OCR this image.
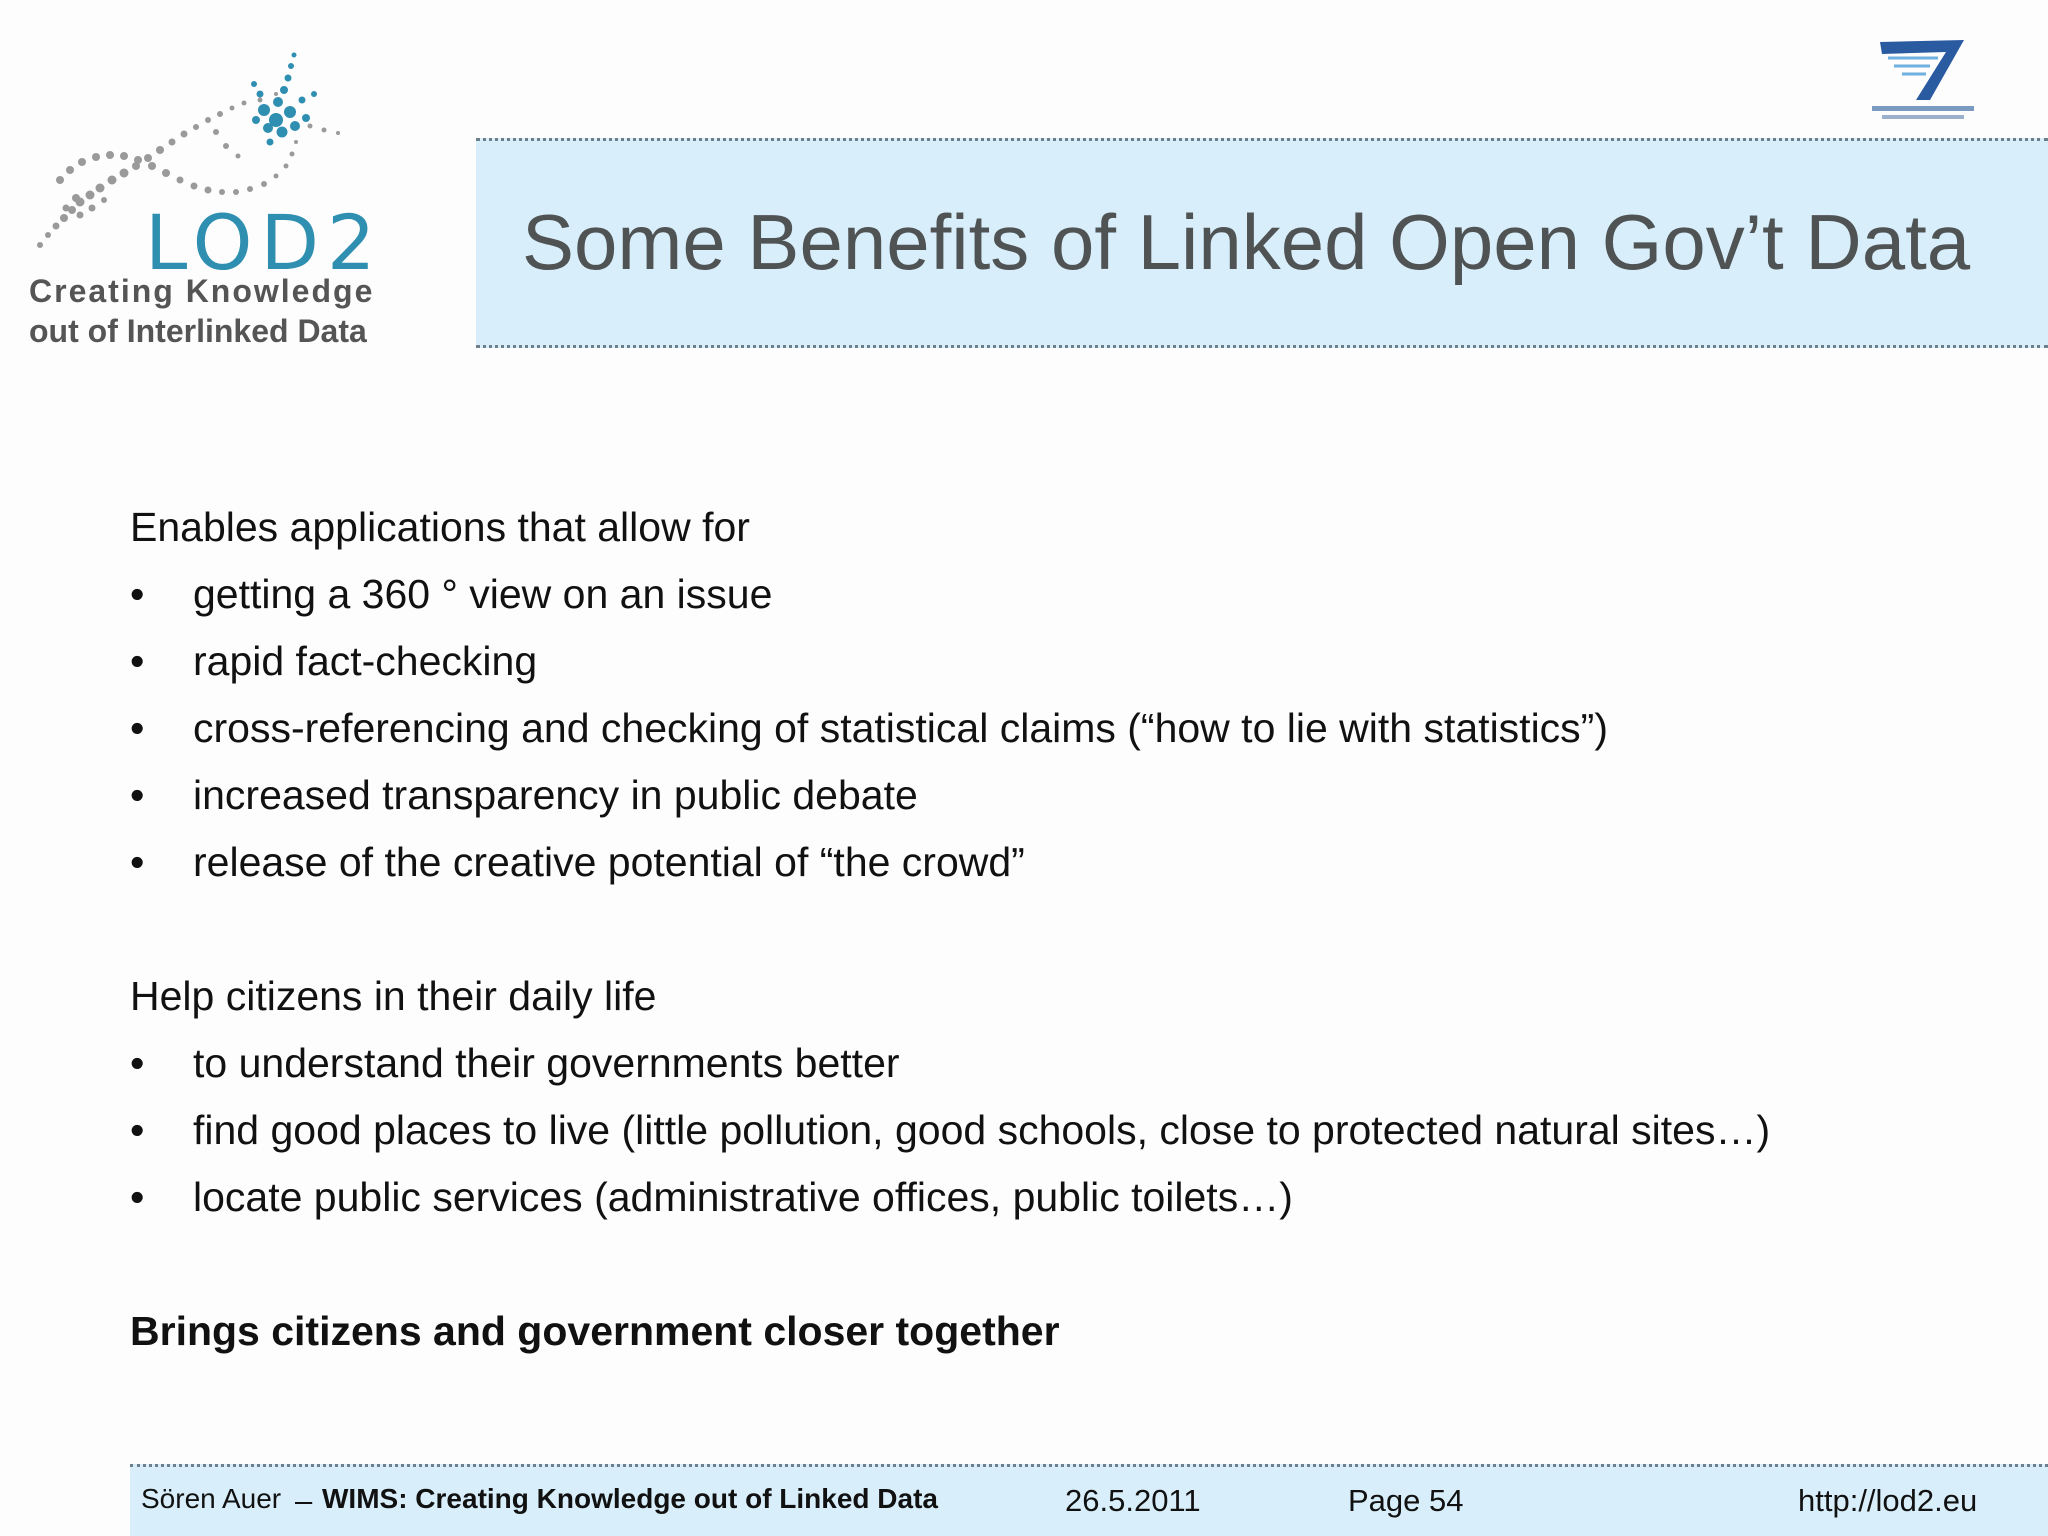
LOD2
Creating Knowledge
out of Interlinked Data
Some Benefits of Linked Open Gov’t Data
Enables applications that allow for
• getting a 360 ° view on an issue
• rapid fact-checking
• cross-referencing and checking of statistical claims (“how to lie with statistics”)
• increased transparency in public debate
• release of the creative potential of “the crowd”
Help citizens in their daily life
• to understand their governments better
• find good places to live (little pollution, good schools, close to protected natural sites…)
• locate public services (administrative offices, public toilets…)
Brings citizens and government closer together
Sören Auer – WIMS: Creating Knowledge out of Linked Data	26.5.2011	Page 54	http://lod2.eu
